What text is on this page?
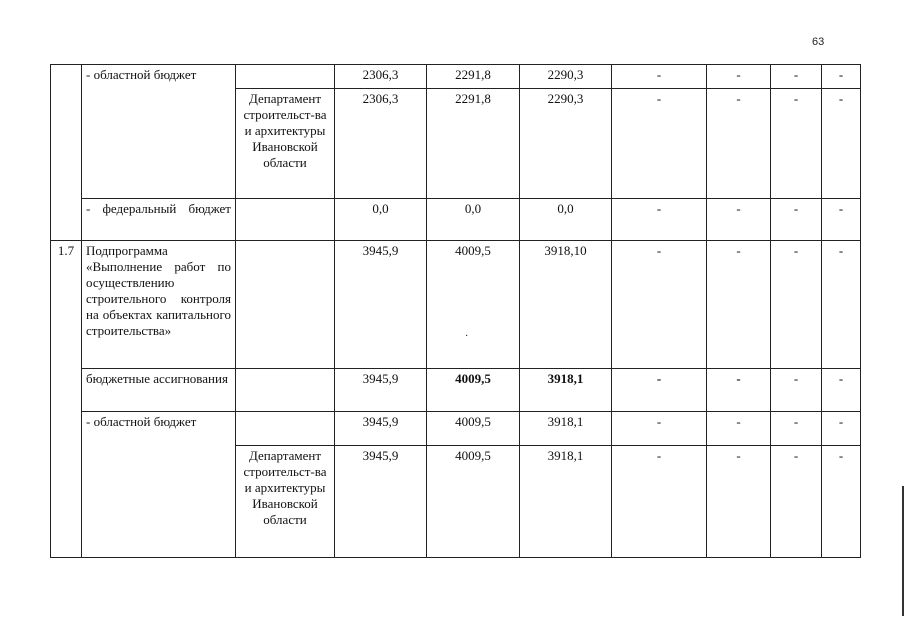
63
	- областной бюджет		2306,3	2291,8	2290,3	-	-	-	-
		Департамент строительст-ва и архитектуры Ивановской области	2306,3	2291,8	2290,3	-	-	-	-
	- федеральный бюджет		0,0	0,0	0,0	-	-	-	-
1.7	Подпрограмма «Выполнение работ по осуществлению строительного контроля на объектах капитального строительства»		3945,9	4009,5	3918,10	-	-	-	-
	бюджетные ассигнования		3945,9	4009,5	3918,1	-	-	-	-
	- областной бюджет		3945,9	4009,5	3918,1	-	-	-	-
		Департамент строительст-ва и архитектуры Ивановской области	3945,9	4009,5	3918,1	-	-	-	-
·
